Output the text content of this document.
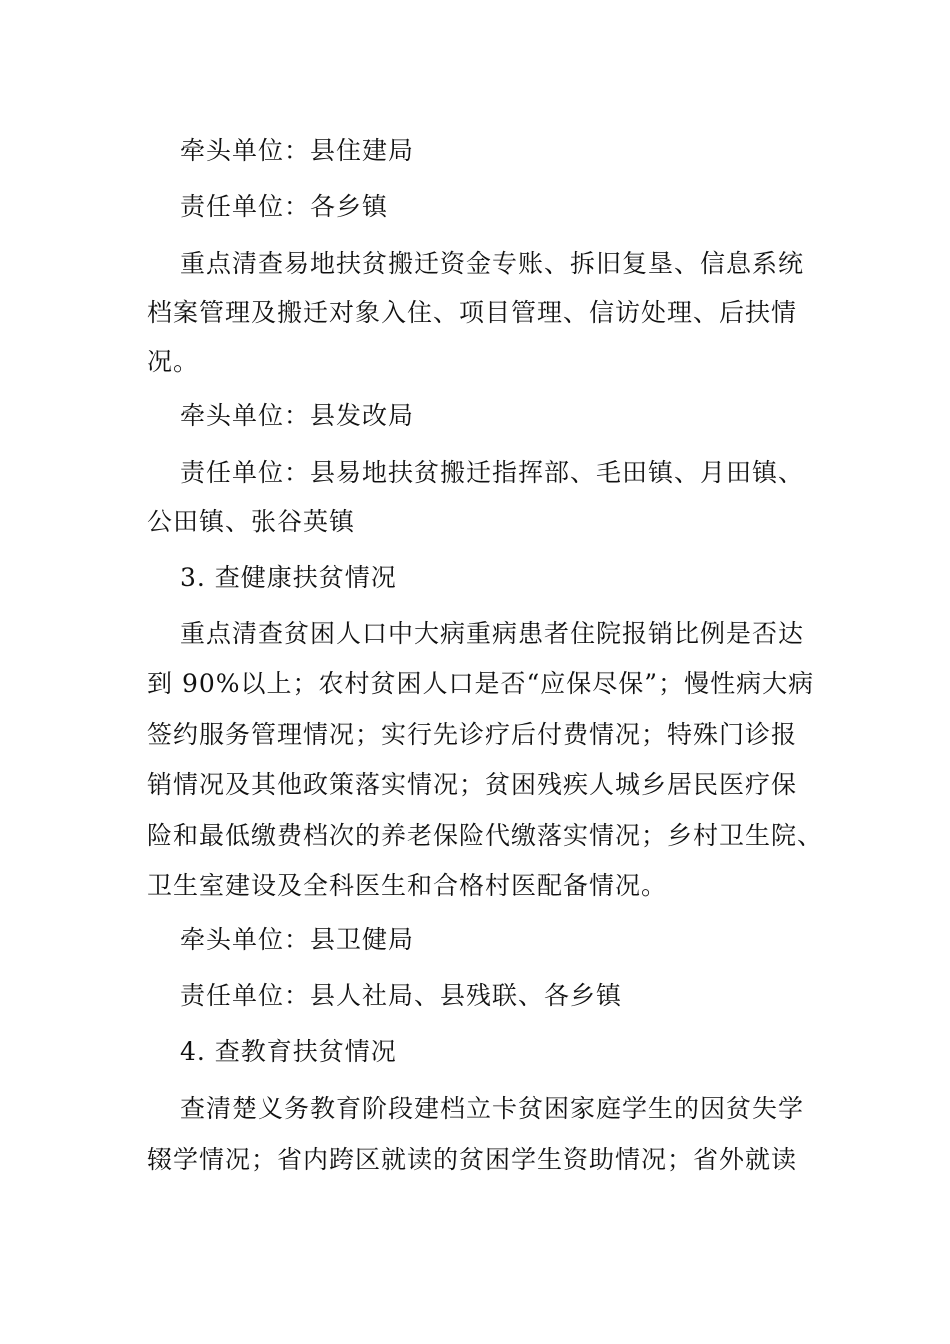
牵头单位：县住建局
责任单位：各乡镇
重点清查易地扶贫搬迁资金专账、拆旧复垦、信息系统
档案管理及搬迁对象入住、项目管理、信访处理、后扶情
况。
牵头单位：县发改局
责任单位：县易地扶贫搬迁指挥部、毛田镇、月田镇、
公田镇、张谷英镇
3. 查健康扶贫情况
重点清查贫困人口中大病重病患者住院报销比例是否达
到 90%以上；农村贫困人口是否“应保尽保”；慢性病大病
签约服务管理情况；实行先诊疗后付费情况；特殊门诊报
销情况及其他政策落实情况；贫困残疾人城乡居民医疗保
险和最低缴费档次的养老保险代缴落实情况；乡村卫生院、
卫生室建设及全科医生和合格村医配备情况。
牵头单位：县卫健局
责任单位：县人社局、县残联、各乡镇
4. 查教育扶贫情况
查清楚义务教育阶段建档立卡贫困家庭学生的因贫失学
辍学情况；省内跨区就读的贫困学生资助情况；省外就读
